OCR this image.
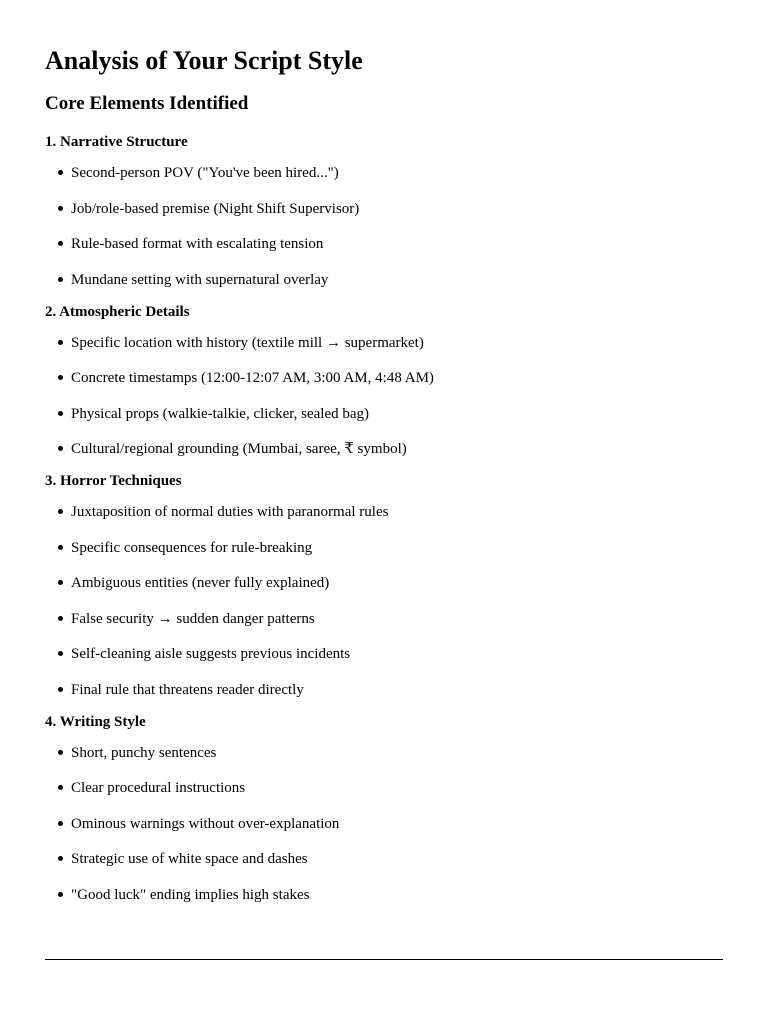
Analysis of Your Script Style
Core Elements Identified
1. Narrative Structure
Second-person POV ("You've been hired...")
Job/role-based premise (Night Shift Supervisor)
Rule-based format with escalating tension
Mundane setting with supernatural overlay
2. Atmospheric Details
Specific location with history (textile mill → supermarket)
Concrete timestamps (12:00-12:07 AM, 3:00 AM, 4:48 AM)
Physical props (walkie-talkie, clicker, sealed bag)
Cultural/regional grounding (Mumbai, saree, ₹ symbol)
3. Horror Techniques
Juxtaposition of normal duties with paranormal rules
Specific consequences for rule-breaking
Ambiguous entities (never fully explained)
False security → sudden danger patterns
Self-cleaning aisle suggests previous incidents
Final rule that threatens reader directly
4. Writing Style
Short, punchy sentences
Clear procedural instructions
Ominous warnings without over-explanation
Strategic use of white space and dashes
"Good luck" ending implies high stakes
